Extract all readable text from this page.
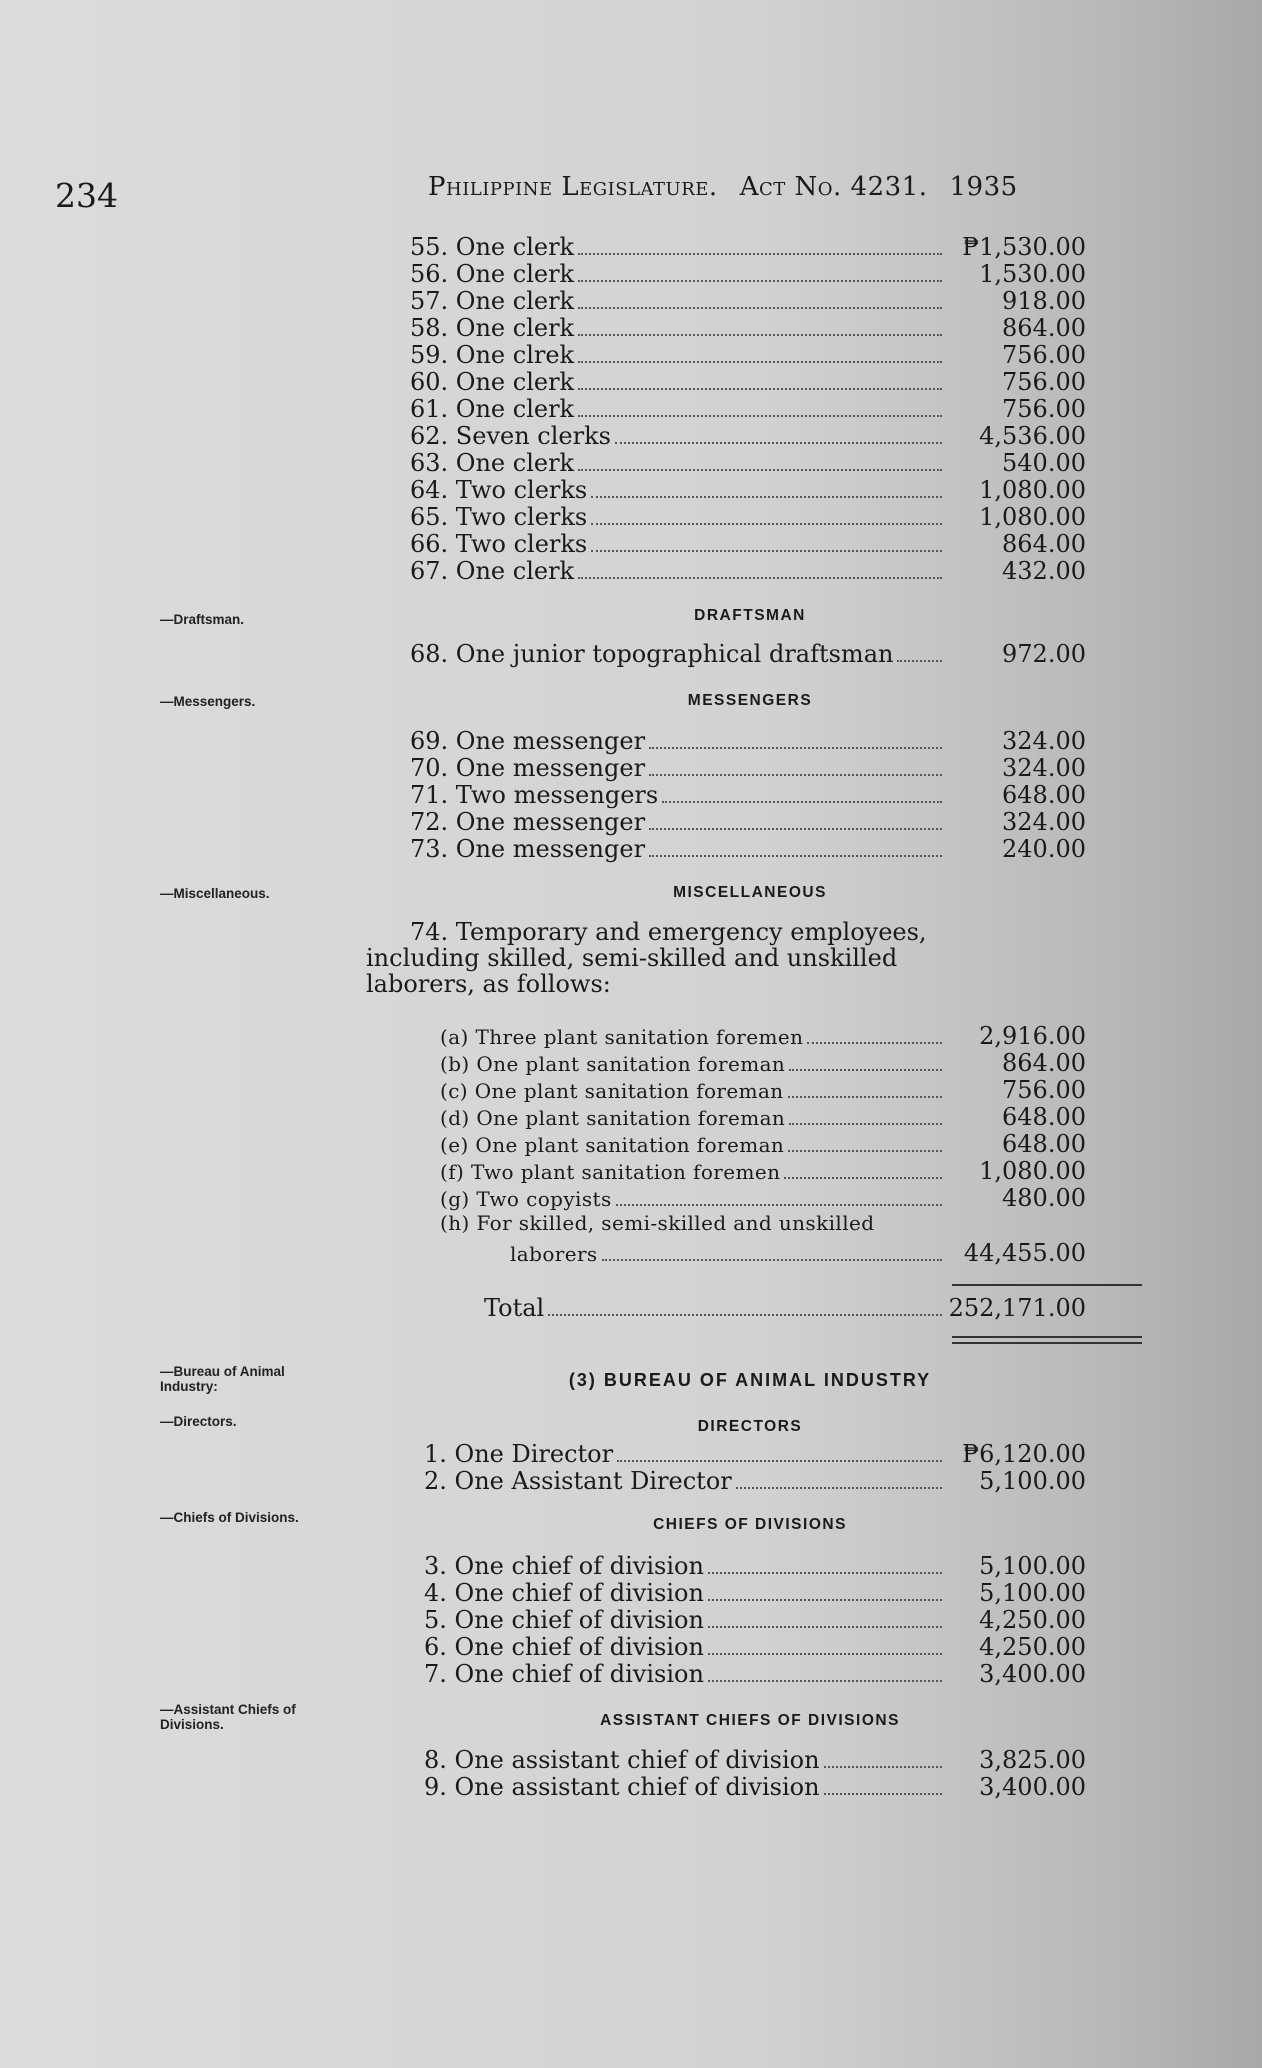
234	Philippine Legislature. Act No. 4231. 1935
55. One clerk	₱1,530.00
56. One clerk	1,530.00
57. One clerk	918.00
58. One clerk	864.00
59. One clrek	756.00
60. One clerk	756.00
61. One clerk	756.00
62. Seven clerks	4,536.00
63. One clerk	540.00
64. Two clerks	1,080.00
65. Two clerks	1,080.00
66. Two clerks	864.00
67. One clerk	432.00
—Draftsman.	DRAFTSMAN
68. One junior topographical draftsman	972.00
—Messengers.	MESSENGERS
69. One messenger	324.00
70. One messenger	324.00
71. Two messengers	648.00
72. One messenger	324.00
73. One messenger	240.00
—Miscellaneous.	MISCELLANEOUS
74. Temporary and emergency employees,
including skilled, semi-skilled and unskilled
laborers, as follows:
(a) Three plant sanitation foremen	2,916.00
(b) One plant sanitation foreman	864.00
(c) One plant sanitation foreman	756.00
(d) One plant sanitation foreman	648.00
(e) One plant sanitation foreman	648.00
(f) Two plant sanitation foremen	1,080.00
(g) Two copyists	480.00
(h) For skilled, semi-skilled and unskilled
laborers	44,455.00
Total	252,171.00
—Bureau of Animal
Industry:	(3) BUREAU OF ANIMAL INDUSTRY
—Directors.	DIRECTORS
1. One Director	₱6,120.00
2. One Assistant Director	5,100.00
—Chiefs of Divisions.	CHIEFS OF DIVISIONS
3. One chief of division	5,100.00
4. One chief of division	5,100.00
5. One chief of division	4,250.00
6. One chief of division	4,250.00
7. One chief of division	3,400.00
—Assistant Chiefs of
Divisions.	ASSISTANT CHIEFS OF DIVISIONS
8. One assistant chief of division	3,825.00
9. One assistant chief of division	3,400.00
